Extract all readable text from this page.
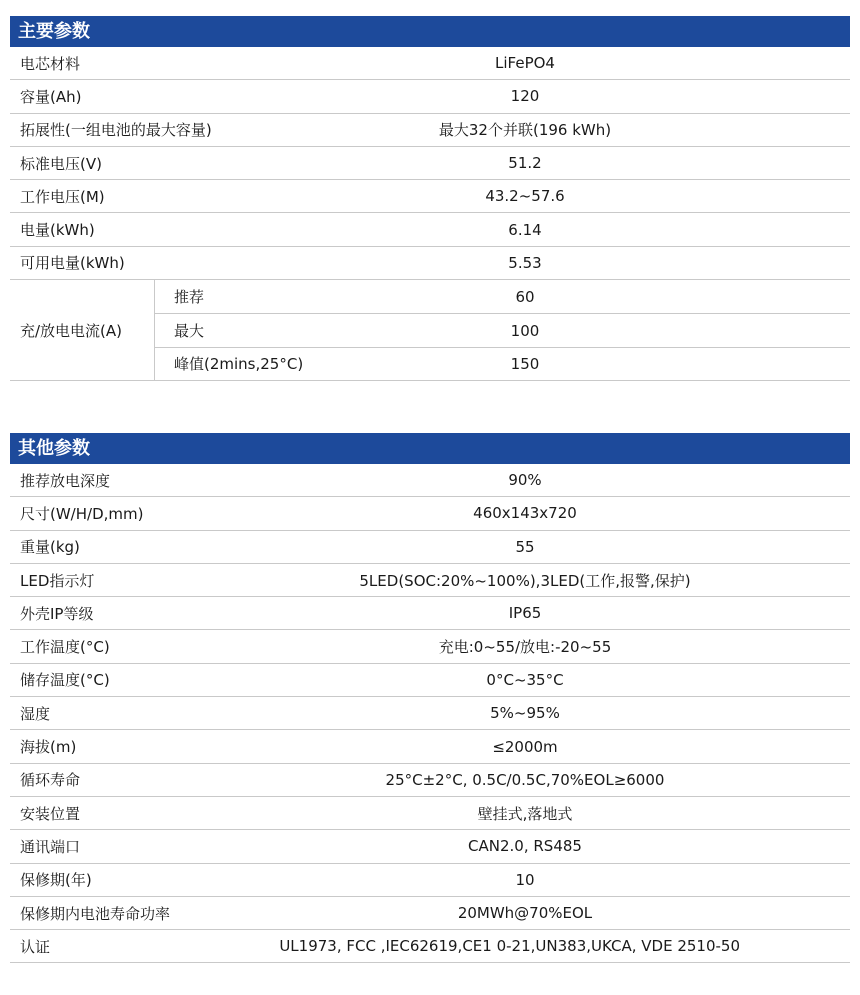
主要参数
电芯材料	LiFePO4
容量(Ah)	120
拓展性(一组电池的最大容量)	最大32个并联(196 kWh)
标准电压(V)	51.2
工作电压(M)	43.2~57.6
电量(kWh)	6.14
可用电量(kWh)	5.53
充/放电电流(A)
推荐	60
最大	100
峰值(2mins,25°C)	150
其他参数
推荐放电深度	90%
尺寸(W/H/D,mm)	460x143x720
重量(kg)	55
LED指示灯	5LED(SOC:20%~100%),3LED(工作,报警,保护)
外壳IP等级	IP65
工作温度(°C)	充电:0~55/放电:-20~55
储存温度(°C)	0°C~35°C
湿度	5%~95%
海拔(m)	≤2000m
循环寿命	25°C±2°C, 0.5C/0.5C,70%EOL≥6000
安装位置	壁挂式,落地式
通讯端口	CAN2.0, RS485
保修期(年)	10
保修期内电池寿命功率	20MWh@70%EOL
认证	UL1973, FCC ,IEC62619,CE1 0-21,UN383,UKCA, VDE 2510-50
